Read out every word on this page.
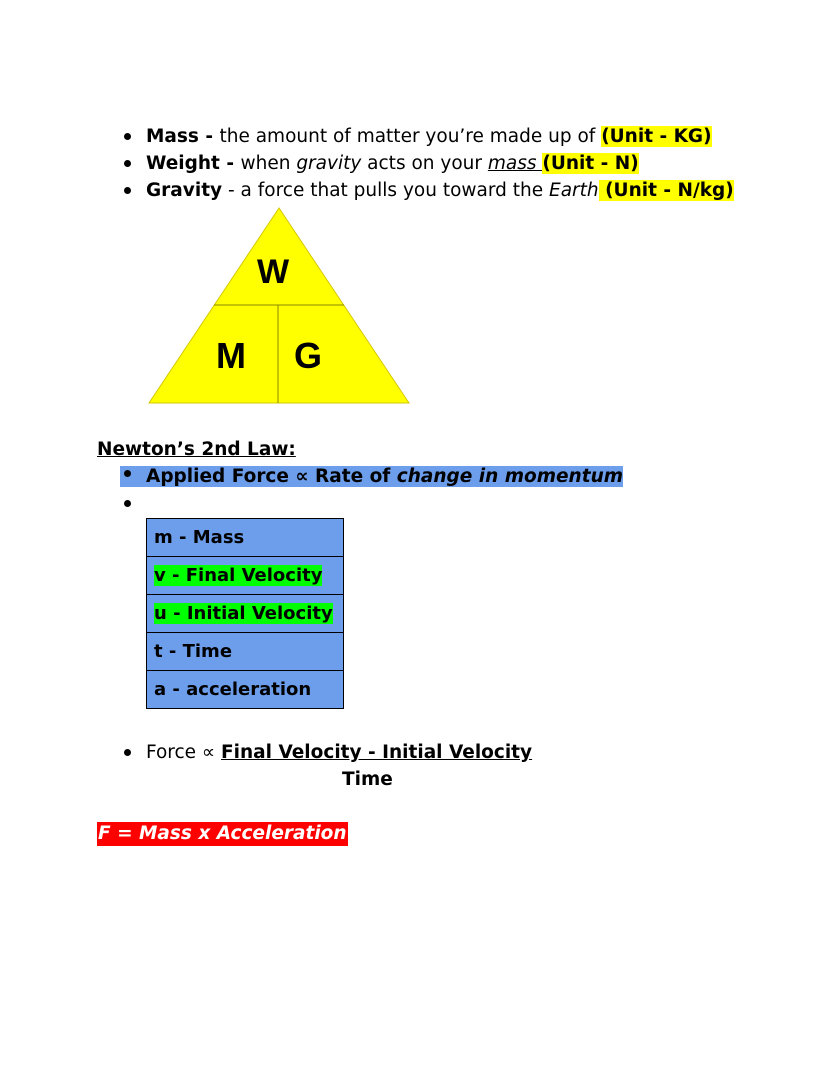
Mass - the amount of matter you’re made up of (Unit - KG)
Weight - when gravity acts on your mass (Unit - N)
Gravity - a force that pulls you toward the Earth (Unit - N/kg)
W
M G
Newton’s 2nd Law:
Applied Force ∝ Rate of change in momentum
m - Mass
v - Final Velocity
u - Initial Velocity
t - Time
a - acceleration
Force ∝ Final Velocity - Initial Velocity
Time
F = Mass x Acceleration
